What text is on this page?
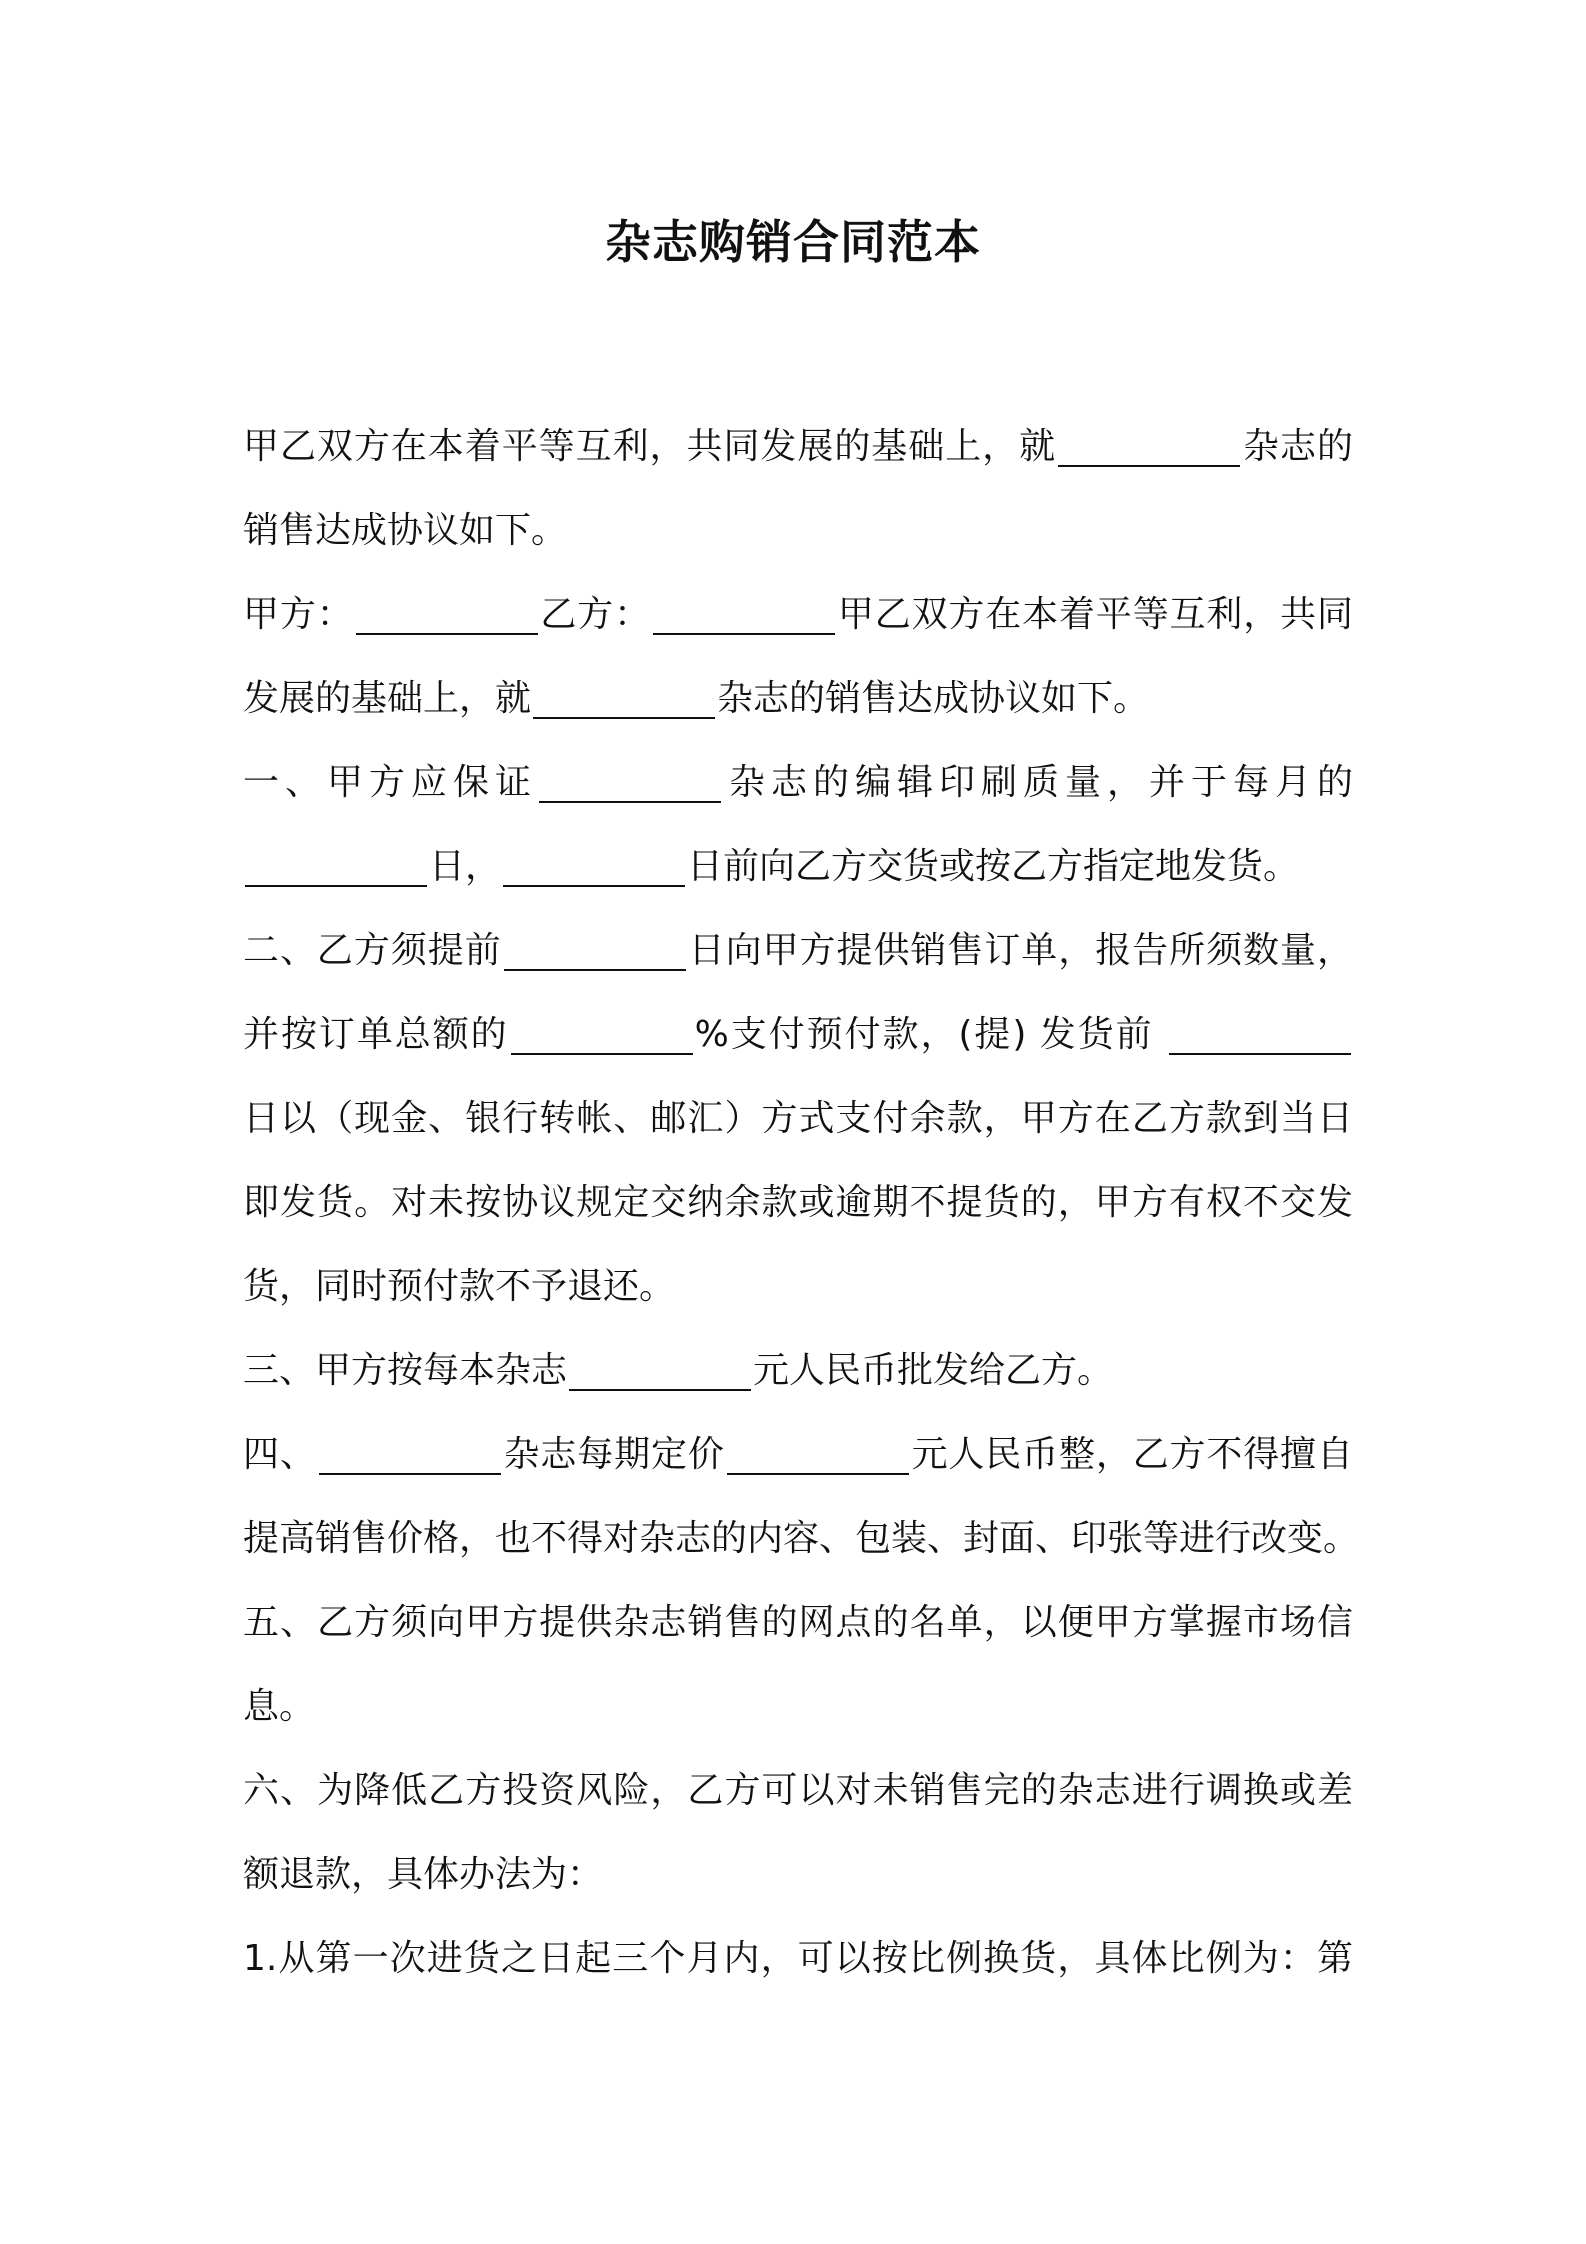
杂志购销合同范本
甲乙双方在本着平等互利，共同发展的基础上，就	杂志的
销售达成协议如下。
甲方：	乙方：	甲乙双方在本着平等互利，共同
发展的基础上，就	杂志的销售达成协议如下。
一、甲方应保证	杂志的编辑印刷质量，并于每月的
日，	日前向乙方交货或按乙方指定地发货。
二、乙方须提前	日向甲方提供销售订单，报告所须数量，
并按订单总额的	%支付预付款，(提) 发货前
日以（现金、银行转帐、邮汇）方式支付余款，甲方在乙方款到当日
即发货。对未按协议规定交纳余款或逾期不提货的，甲方有权不交发
货，同时预付款不予退还。
三、甲方按每本杂志	元人民币批发给乙方。
四、	杂志每期定价	元人民币整，乙方不得擅自
提高销售价格，也不得对杂志的内容、包装、封面、印张等进行改变。
五、乙方须向甲方提供杂志销售的网点的名单，以便甲方掌握市场信
息。
六、为降低乙方投资风险，乙方可以对未销售完的杂志进行调换或差
额退款，具体办法为：
1.从第一次进货之日起三个月内，可以按比例换货，具体比例为：第
